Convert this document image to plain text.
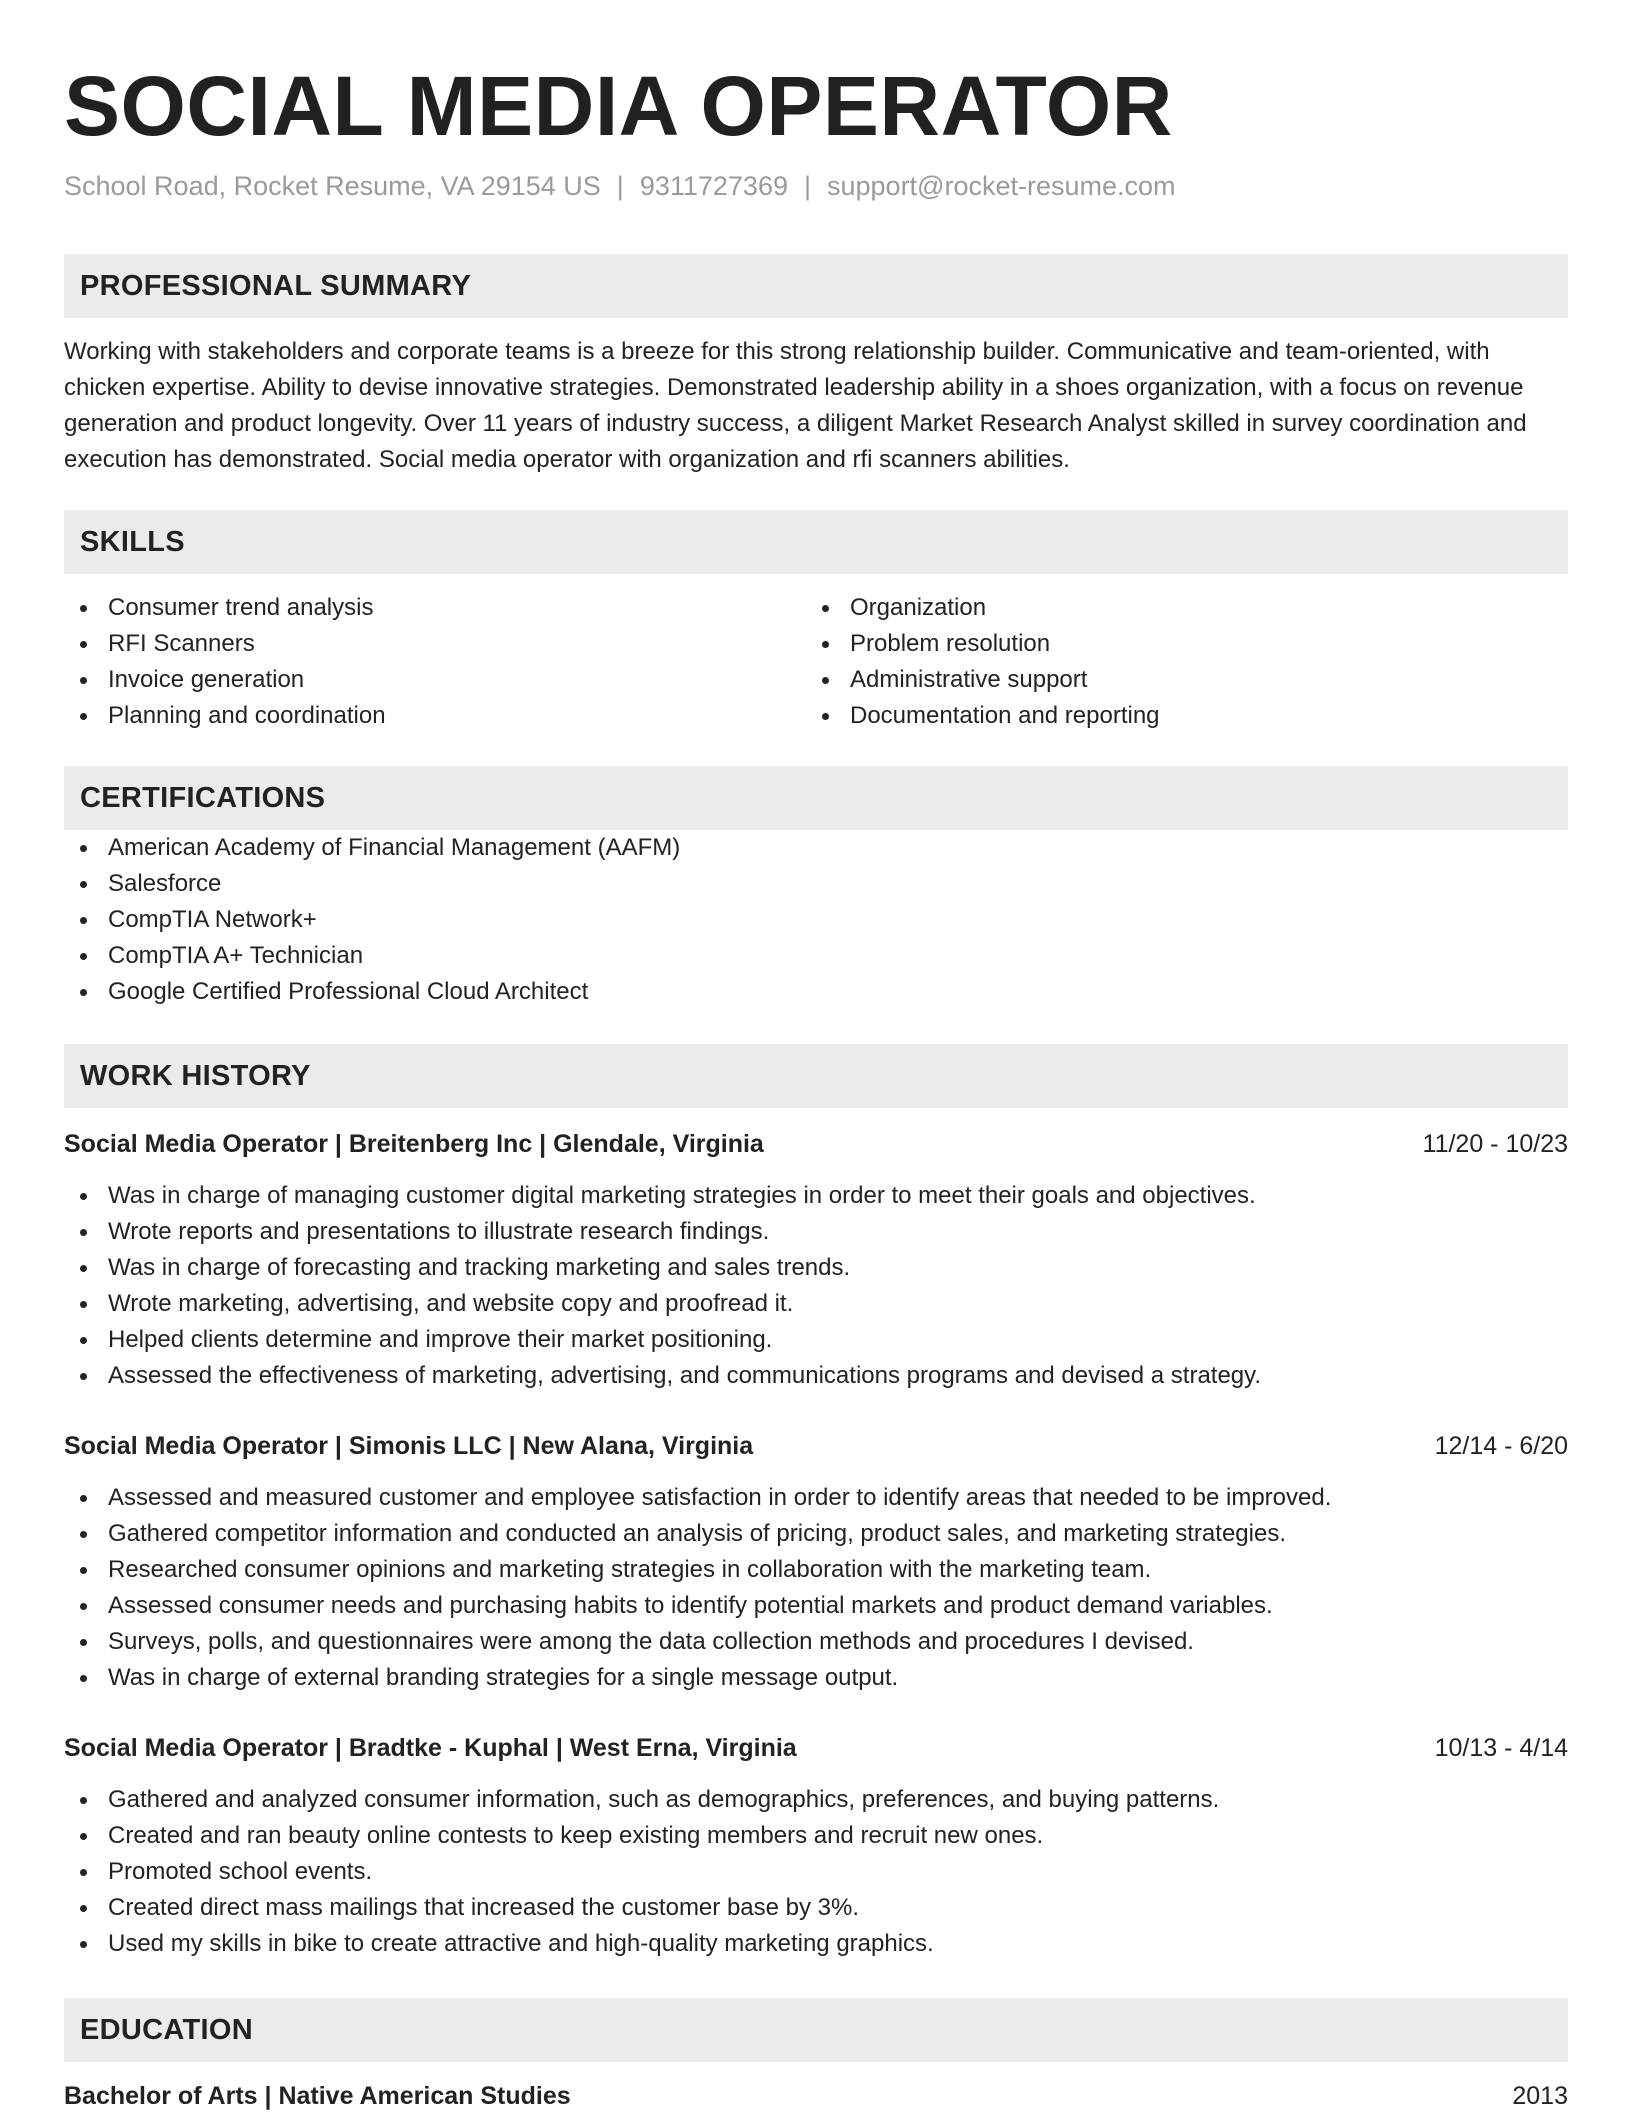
SOCIAL MEDIA OPERATOR
School Road, Rocket Resume, VA 29154 US | 9311727369 | support@rocket-resume.com
PROFESSIONAL SUMMARY
Working with stakeholders and corporate teams is a breeze for this strong relationship builder. Communicative and team-oriented, with chicken expertise. Ability to devise innovative strategies. Demonstrated leadership ability in a shoes organization, with a focus on revenue generation and product longevity. Over 11 years of industry success, a diligent Market Research Analyst skilled in survey coordination and execution has demonstrated. Social media operator with organization and rfi scanners abilities.
SKILLS
Consumer trend analysis
RFI Scanners
Invoice generation
Planning and coordination
Organization
Problem resolution
Administrative support
Documentation and reporting
CERTIFICATIONS
American Academy of Financial Management (AAFM)
Salesforce
CompTIA Network+
CompTIA A+ Technician
Google Certified Professional Cloud Architect
WORK HISTORY
Social Media Operator | Breitenberg Inc | Glendale, Virginia	11/20 - 10/23
Was in charge of managing customer digital marketing strategies in order to meet their goals and objectives.
Wrote reports and presentations to illustrate research findings.
Was in charge of forecasting and tracking marketing and sales trends.
Wrote marketing, advertising, and website copy and proofread it.
Helped clients determine and improve their market positioning.
Assessed the effectiveness of marketing, advertising, and communications programs and devised a strategy.
Social Media Operator | Simonis LLC | New Alana, Virginia	12/14 - 6/20
Assessed and measured customer and employee satisfaction in order to identify areas that needed to be improved.
Gathered competitor information and conducted an analysis of pricing, product sales, and marketing strategies.
Researched consumer opinions and marketing strategies in collaboration with the marketing team.
Assessed consumer needs and purchasing habits to identify potential markets and product demand variables.
Surveys, polls, and questionnaires were among the data collection methods and procedures I devised.
Was in charge of external branding strategies for a single message output.
Social Media Operator | Bradtke - Kuphal | West Erna, Virginia	10/13 - 4/14
Gathered and analyzed consumer information, such as demographics, preferences, and buying patterns.
Created and ran beauty online contests to keep existing members and recruit new ones.
Promoted school events.
Created direct mass mailings that increased the customer base by 3%.
Used my skills in bike to create attractive and high-quality marketing graphics.
EDUCATION
Bachelor of Arts | Native American Studies	2013
